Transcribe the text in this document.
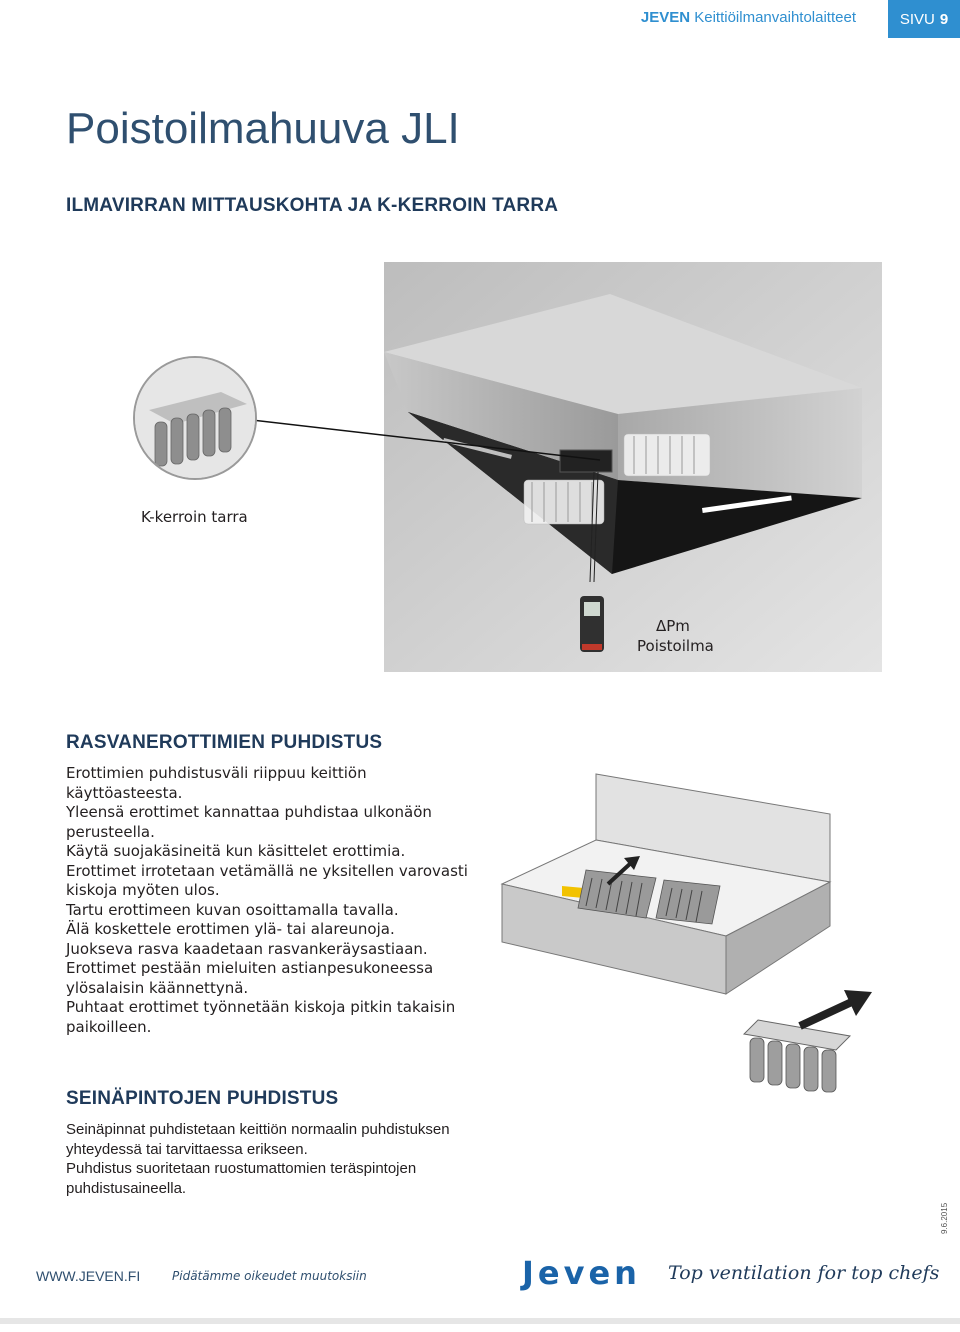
JEVEN Keittiöilmanvaihtolaitteet	SIVU 9
Poistoilmahuuva JLI
ILMAVIRRAN MITTAUSKOHTA JA K-KERROIN TARRA
K-kerroin tarra
ΔPm
Poistoilma
RASVANEROTTIMIEN PUHDISTUS
Erottimien puhdistusväli riippuu keittiön käyttöasteesta.
Yleensä erottimet kannattaa puhdistaa ulkonäön
perusteella.
Käytä suojakäsineitä kun käsittelet erottimia.
Erottimet irrotetaan vetämällä ne yksitellen varovasti
kiskoja myöten ulos.
Tartu erottimeen kuvan osoittamalla tavalla.
Älä koskettele erottimen ylä- tai alareunoja.
Juokseva rasva kaadetaan rasvankeräysastiaan.
Erottimet pestään mieluiten astianpesukoneessa
ylösalaisin käännettynä.
Puhtaat erottimet työnnetään kiskoja pitkin takaisin
paikoilleen.
SEINÄPINTOJEN PUHDISTUS
Seinäpinnat puhdistetaan keittiön normaalin puhdistuksen
yhteydessä tai tarvittaessa erikseen.
Puhdistus suoritetaan ruostumattomien teräspintojen
puhdistusaineella.
9.6.2015
WWW.JEVEN.FI	Pidätämme oikeudet muutoksiin	Jeven Top ventilation for top chefs
